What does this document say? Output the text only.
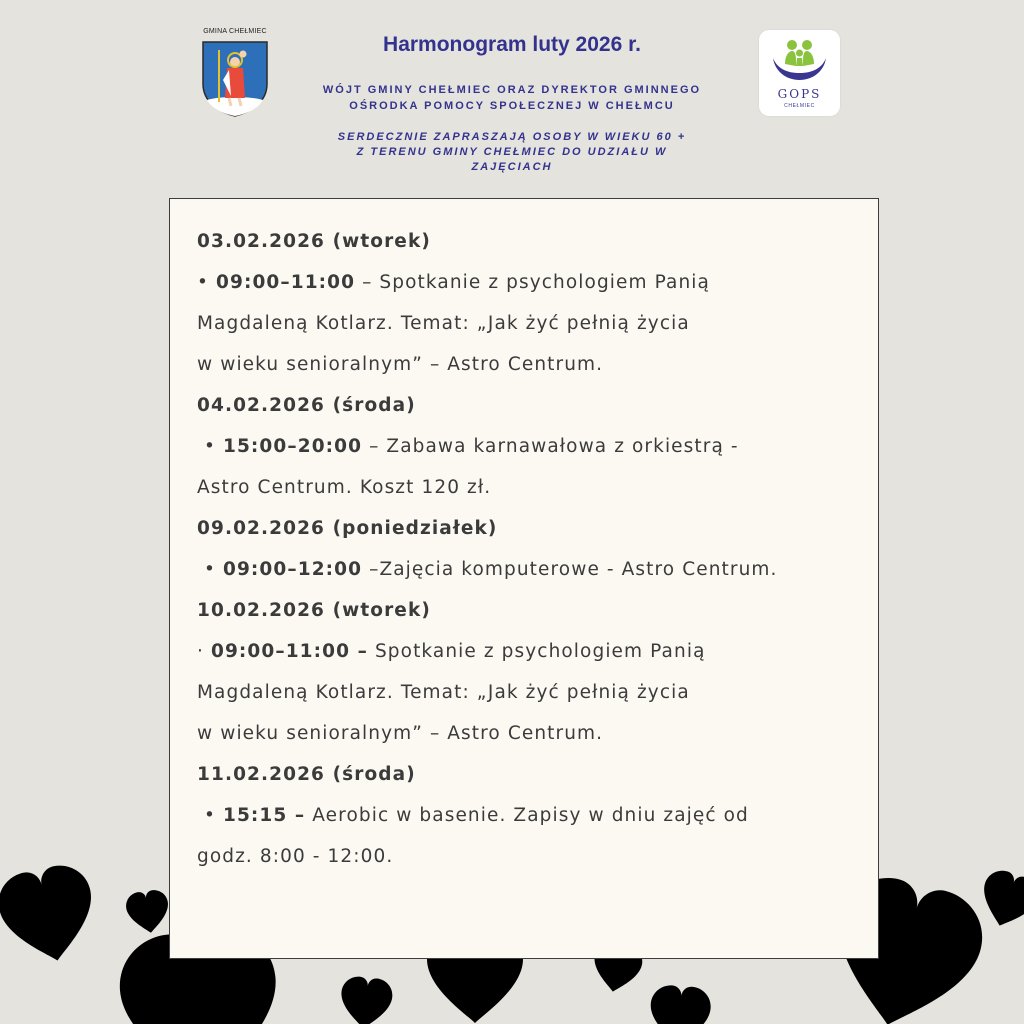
GMINA CHEŁMIEC
Harmonogram luty 2026 r.
WÓJT GMINY CHEŁMIEC ORAZ DYREKTOR GMINNEGO
OŚRODKA POMOCY SPOŁECZNEJ W CHEŁMCU
SERDECZNIE ZAPRASZAJĄ OSOBY W WIEKU 60 +
Z TERENU GMINY CHEŁMIEC DO UDZIAŁU W
ZAJĘCIACH
GOPS
CHEŁMIEC
03.02.2026 (wtorek)
• 09:00–11:00 – Spotkanie z psychologiem Panią
Magdaleną Kotlarz. Temat: „Jak żyć pełnią życia
w wieku senioralnym” – Astro Centrum.
04.02.2026 (środa)
• 15:00–20:00 – Zabawa karnawałowa z orkiestrą -
Astro Centrum. Koszt 120 zł.
09.02.2026 (poniedziałek)
• 09:00–12:00 –Zajęcia komputerowe - Astro Centrum.
10.02.2026 (wtorek)
· 09:00–11:00 – Spotkanie z psychologiem Panią
Magdaleną Kotlarz. Temat: „Jak żyć pełnią życia
w wieku senioralnym” – Astro Centrum.
11.02.2026 (środa)
• 15:15 – Aerobic w basenie. Zapisy w dniu zajęć od
godz. 8:00 - 12:00.
